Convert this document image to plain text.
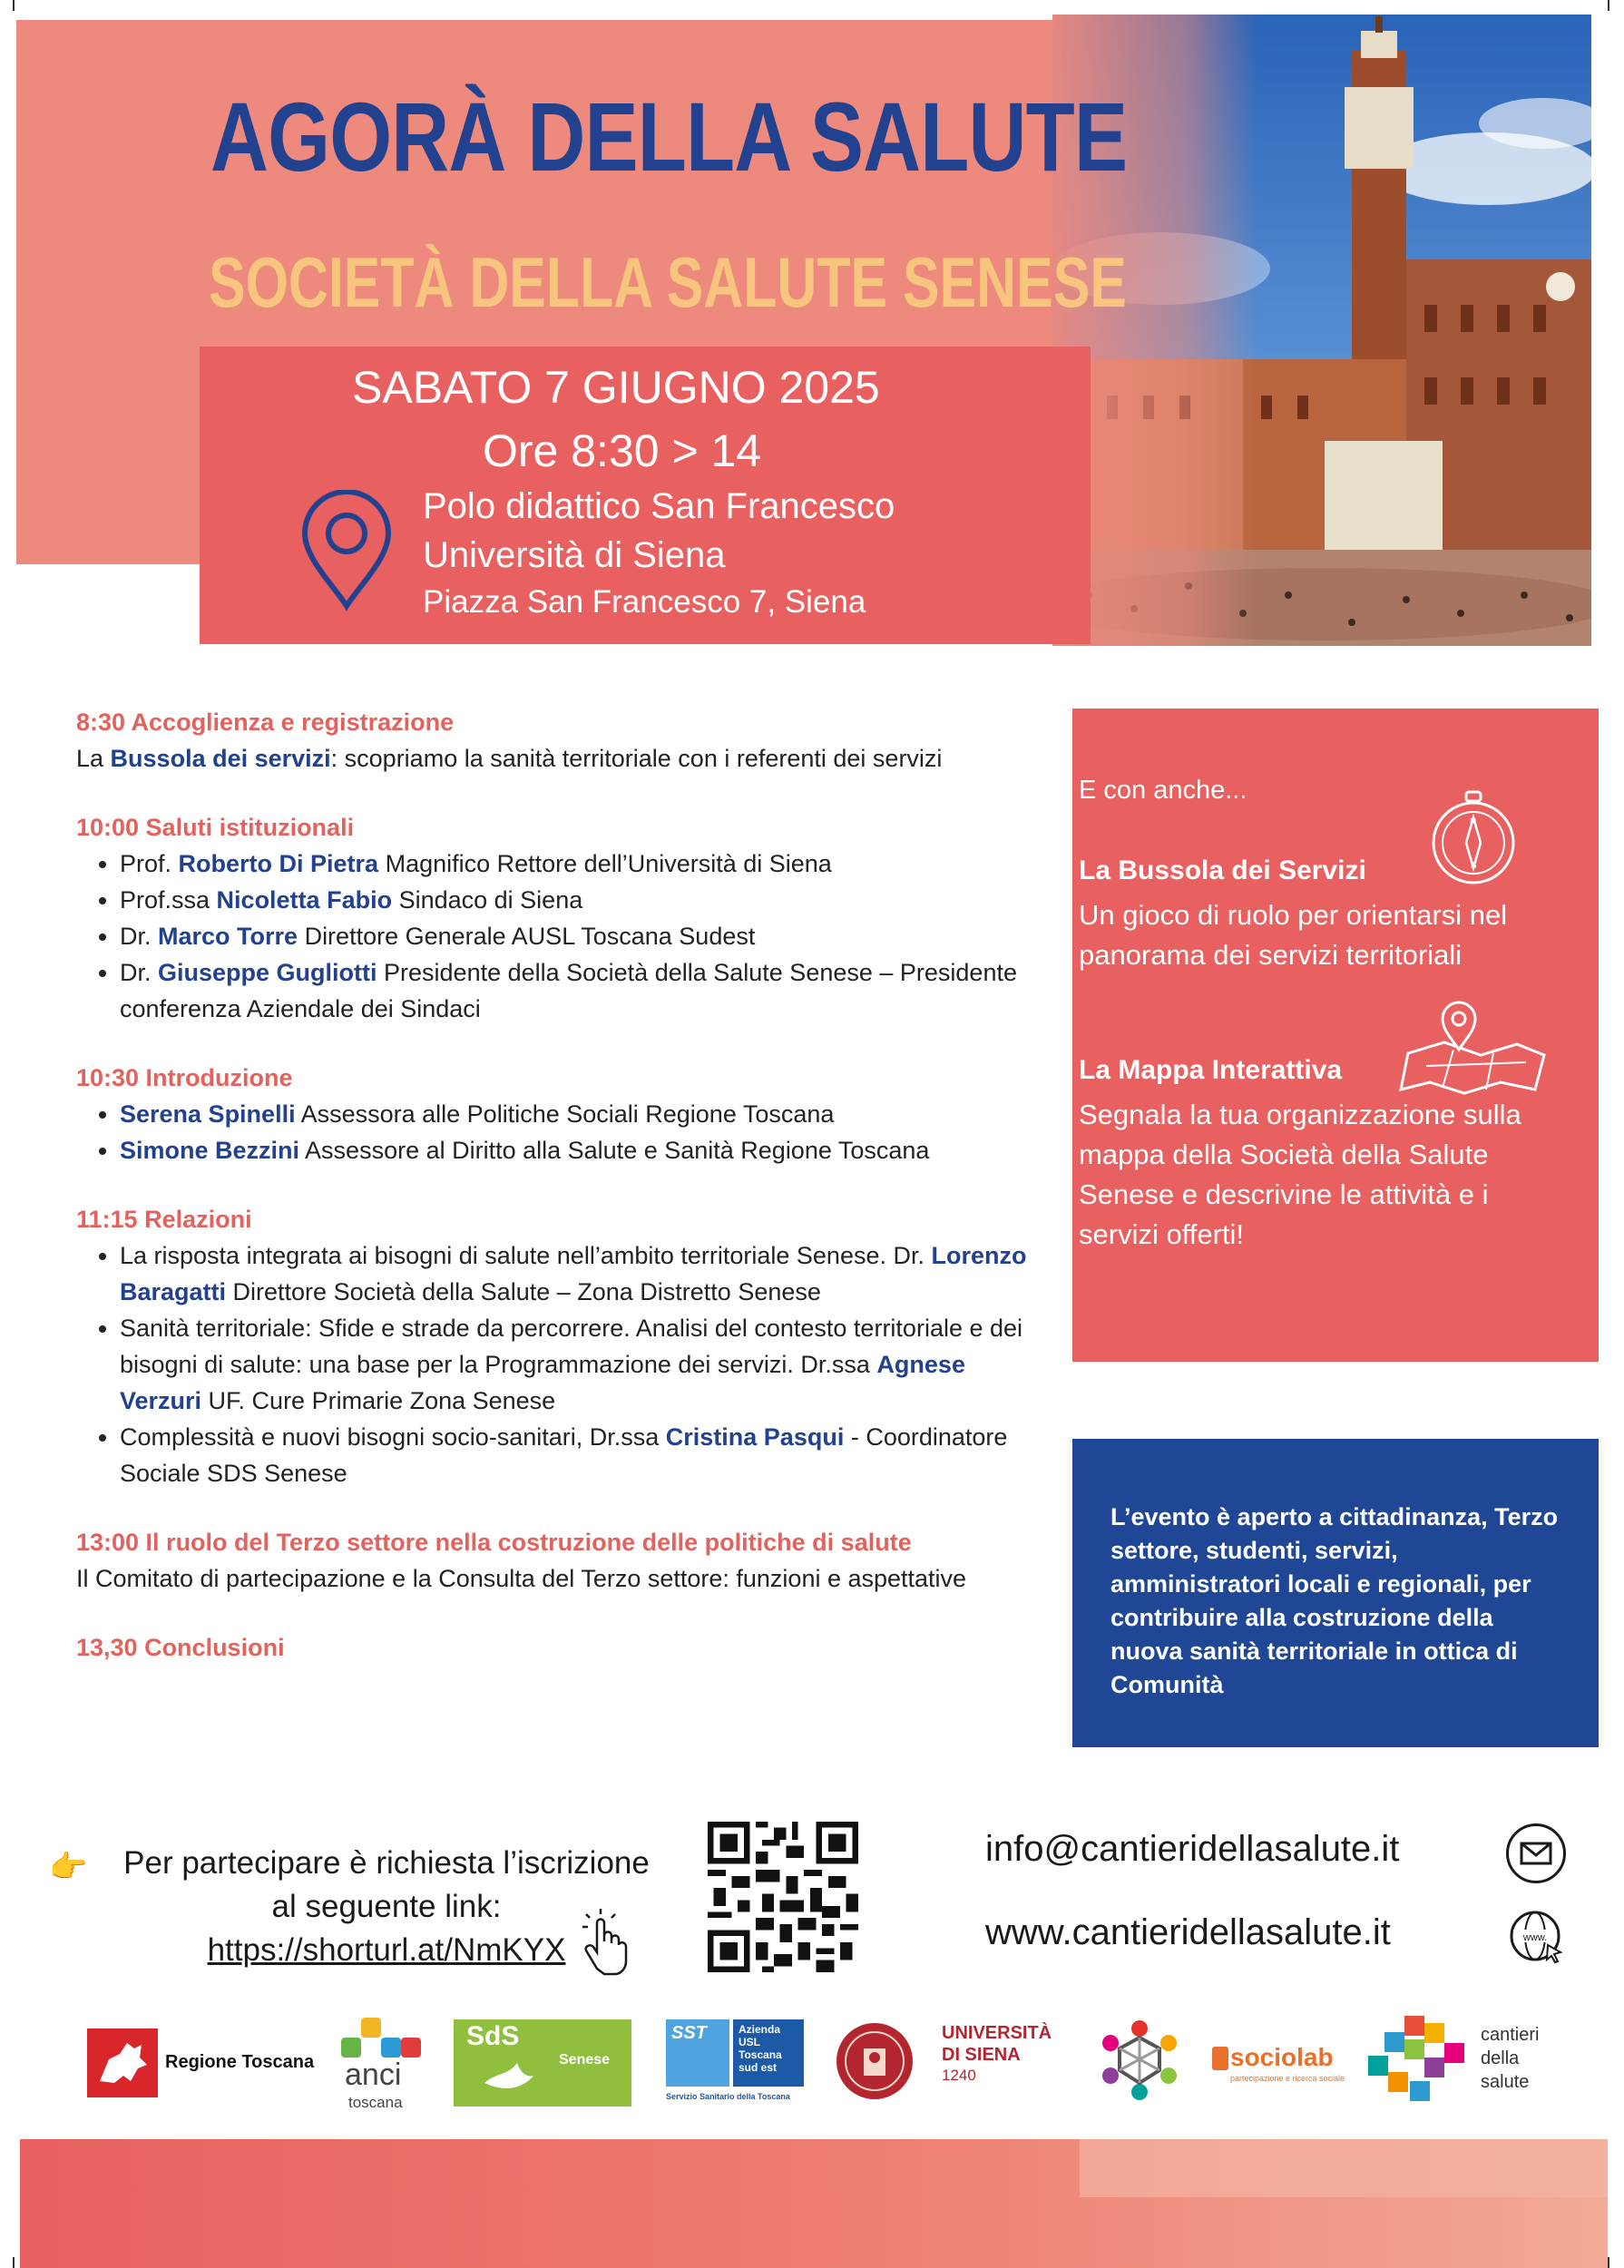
AGORÀ DELLA SALUTE
SOCIETÀ DELLA SALUTE SENESE
SABATO 7 GIUGNO 2025
Ore 8:30 > 14
Polo didattico San Francesco
Università di Siena
Piazza San Francesco 7, Siena
8:30 Accoglienza e registrazione
La Bussola dei servizi: scopriamo la sanità territoriale con i referenti dei servizi
10:00 Saluti istituzionali
• Prof. Roberto Di Pietra Magnifico Rettore dell’Università di Siena
• Prof.ssa Nicoletta Fabio Sindaco di Siena
• Dr. Marco Torre Direttore Generale AUSL Toscana Sudest
• Dr. Giuseppe Gugliotti Presidente della Società della Salute Senese – Presidente conferenza Aziendale dei Sindaci
10:30 Introduzione
• Serena Spinelli Assessora alle Politiche Sociali Regione Toscana
• Simone Bezzini Assessore al Diritto alla Salute e Sanità Regione Toscana
11:15 Relazioni
• La risposta integrata ai bisogni di salute nell’ambito territoriale Senese. Dr. Lorenzo Baragatti Direttore Società della Salute – Zona Distretto Senese
• Sanità territoriale: Sfide e strade da percorrere. Analisi del contesto territoriale e dei bisogni di salute: una base per la Programmazione dei servizi. Dr.ssa Agnese Verzuri UF. Cure Primarie Zona Senese
• Complessità e nuovi bisogni socio-sanitari, Dr.ssa Cristina Pasqui - Coordinatore Sociale SDS Senese
13:00 Il ruolo del Terzo settore nella costruzione delle politiche di salute
Il Comitato di partecipazione e la Consulta del Terzo settore: funzioni e aspettative
13,30 Conclusioni
E con anche...
N
S
La Bussola dei Servizi
Un gioco di ruolo per orientarsi nel panorama dei servizi territoriali
La Mappa Interattiva
Segnala la tua organizzazione sulla mappa della Società della Salute Senese e descrivine le attività e i servizi offerti!
L’evento è aperto a cittadinanza, Terzo settore, studenti, servizi, amministratori locali e regionali, per contribuire alla costruzione della nuova sanità territoriale in ottica di Comunità
👉	Per partecipare è richiesta l’iscrizione
al seguente link:
https://shorturl.at/NmKYX
info@cantieridellasalute.it
www.cantieridellasalute.it	www.
Regione Toscana anci
toscana
SdS
Senese
SST	Azienda USL Toscana sud est
Servizio Sanitario della Toscana
UNIVERSITÀ
DI SIENA
1240
sociolab
partecipazione e ricerca sociale
cantieri
della
salute
